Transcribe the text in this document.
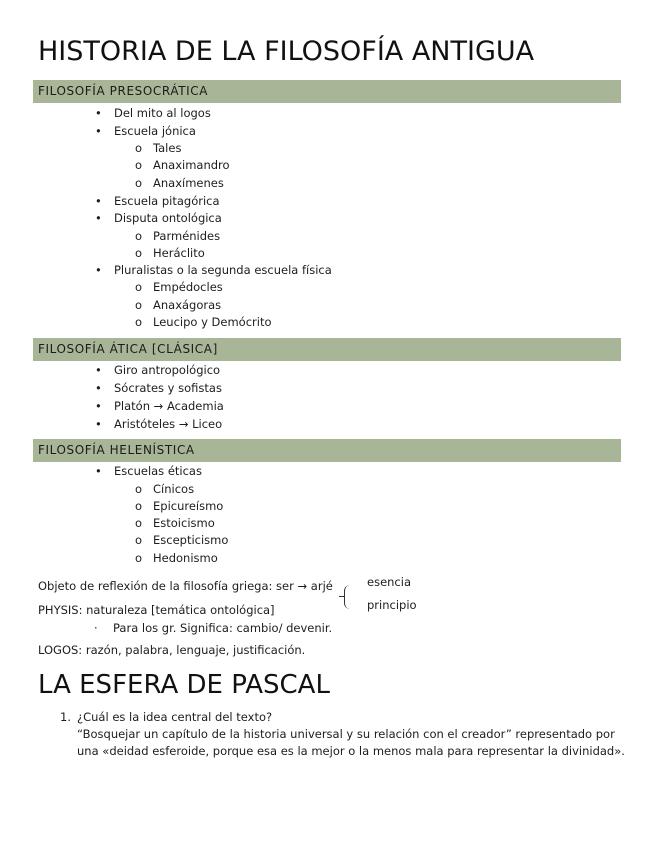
HISTORIA DE LA FILOSOFÍA ANTIGUA
FILOSOFÍA PRESOCRÁTICA
• Del mito al logos
• Escuela jónica
o Tales
o Anaximandro
o Anaxímenes
• Escuela pitagórica
• Disputa ontológica
o Parménides
o Heráclito
• Pluralistas o la segunda escuela física
o Empédocles
o Anaxágoras
o Leucipo y Demócrito
FILOSOFÍA ÁTICA [CLÁSICA]
• Giro antropológico
• Sócrates y sofistas
• Platón → Academia
• Aristóteles → Liceo
FILOSOFÍA HELENÍSTICA
• Escuelas éticas
o Cínicos
o Epicureísmo
o Estoicismo
o Escepticismo
o Hedonismo
Objeto de reflexión de la filosofía griega: ser → arjé	esencia
principio
PHYSIS: naturaleza [temática ontológica]
Para los gr. Significa: cambio/ devenir.
·
LOGOS: razón, palabra, lenguaje, justificación.
LA ESFERA DE PASCAL
1. ¿Cuál es la idea central del texto?
“Bosquejar un capítulo de la historia universal y su relación con el creador” representado por
una «deidad esferoide, porque esa es la mejor o la menos mala para representar la divinidad».
